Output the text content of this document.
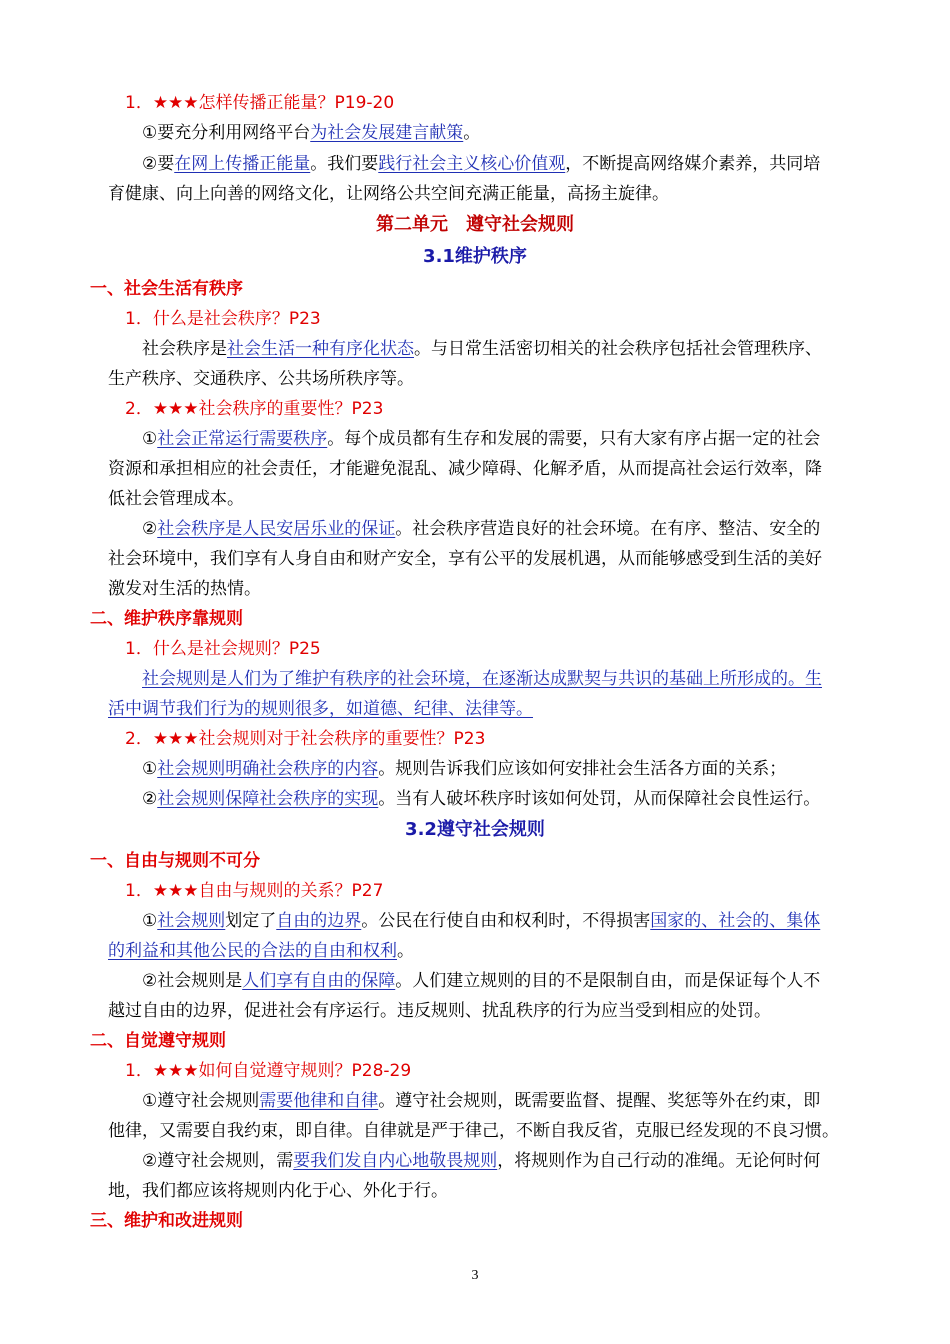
1．★★★怎样传播正能量？P19-20
①要充分利用网络平台为社会发展建言献策。
②要在网上传播正能量。我们要践行社会主义核心价值观，不断提高网络媒介素养，共同培
育健康、向上向善的网络文化，让网络公共空间充满正能量，高扬主旋律。
第二单元　遵守社会规则
3.1维护秩序
一、社会生活有秩序
1．什么是社会秩序？P23
社会秩序是社会生活一种有序化状态。与日常生活密切相关的社会秩序包括社会管理秩序、
生产秩序、交通秩序、公共场所秩序等。
2．★★★社会秩序的重要性？P23
①社会正常运行需要秩序。每个成员都有生存和发展的需要，只有大家有序占据一定的社会
资源和承担相应的社会责任，才能避免混乱、减少障碍、化解矛盾，从而提高社会运行效率，降
低社会管理成本。
②社会秩序是人民安居乐业的保证。社会秩序营造良好的社会环境。在有序、整洁、安全的
社会环境中，我们享有人身自由和财产安全，享有公平的发展机遇，从而能够感受到生活的美好
激发对生活的热情。
二、维护秩序靠规则
1．什么是社会规则？P25
社会规则是人们为了维护有秩序的社会环境，在逐渐达成默契与共识的基础上所形成的。生
活中调节我们行为的规则很多，如道德、纪律、法律等。
2．★★★社会规则对于社会秩序的重要性？P23
①社会规则明确社会秩序的内容。规则告诉我们应该如何安排社会生活各方面的关系；
②社会规则保障社会秩序的实现。当有人破坏秩序时该如何处罚，从而保障社会良性运行。
3.2遵守社会规则
一、自由与规则不可分
1．★★★自由与规则的关系？P27
①社会规则划定了自由的边界。公民在行使自由和权利时，不得损害国家的、社会的、集体
的利益和其他公民的合法的自由和权利。
②社会规则是人们享有自由的保障。人们建立规则的目的不是限制自由，而是保证每个人不
越过自由的边界，促进社会有序运行。违反规则、扰乱秩序的行为应当受到相应的处罚。
二、自觉遵守规则
1．★★★如何自觉遵守规则？P28-29
①遵守社会规则需要他律和自律。遵守社会规则，既需要监督、提醒、奖惩等外在约束，即
他律，又需要自我约束，即自律。自律就是严于律己，不断自我反省，克服已经发现的不良习惯。
②遵守社会规则，需要我们发自内心地敬畏规则，将规则作为自己行动的准绳。无论何时何
地，我们都应该将规则内化于心、外化于行。
三、维护和改进规则
3
